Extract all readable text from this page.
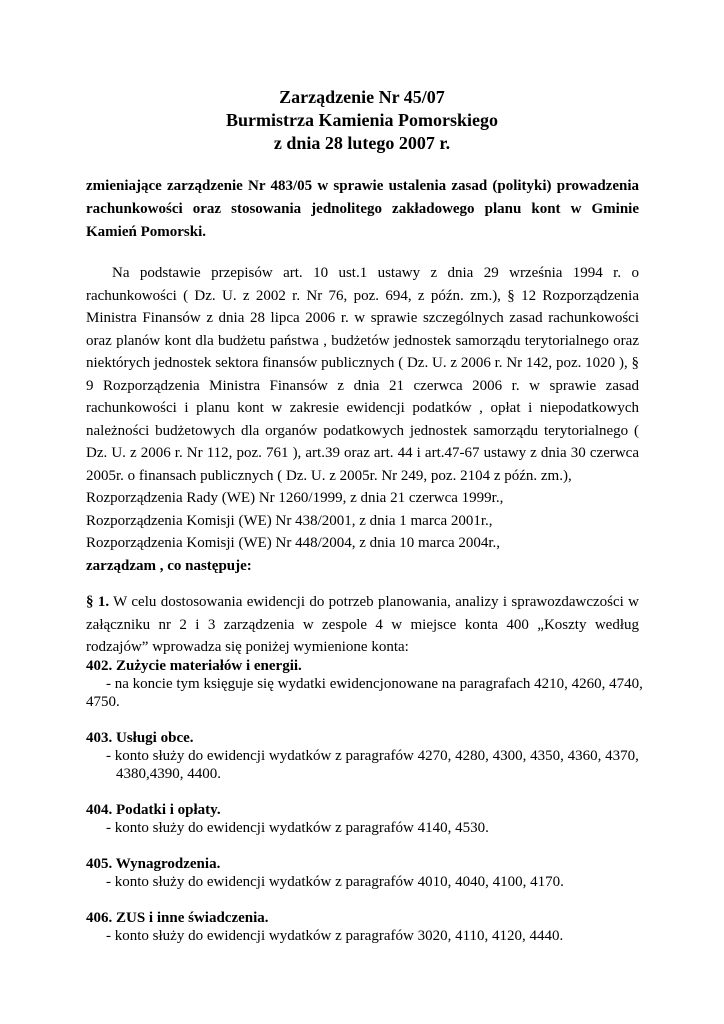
Zarządzenie Nr 45/07
Burmistrza Kamienia Pomorskiego
z dnia 28 lutego 2007 r.
zmieniające zarządzenie Nr 483/05 w sprawie ustalenia zasad (polityki) prowadzenia rachunkowości oraz stosowania jednolitego zakładowego planu kont w Gminie Kamień Pomorski.
Na podstawie przepisów art. 10 ust.1 ustawy z dnia 29 września 1994 r. o rachunkowości ( Dz. U. z 2002 r. Nr 76, poz. 694, z późn. zm.), § 12 Rozporządzenia Ministra Finansów z dnia 28 lipca 2006 r. w sprawie szczególnych zasad rachunkowości oraz planów kont dla budżetu państwa , budżetów jednostek samorządu terytorialnego oraz niektórych jednostek sektora finansów publicznych ( Dz. U. z 2006 r. Nr 142, poz. 1020 ), § 9 Rozporządzenia Ministra Finansów z dnia 21 czerwca 2006 r. w sprawie zasad rachunkowości i planu kont w zakresie ewidencji podatków , opłat i niepodatkowych należności budżetowych dla organów podatkowych jednostek samorządu terytorialnego ( Dz. U. z 2006 r. Nr 112, poz. 761 ), art.39 oraz art. 44 i art.47-67 ustawy z dnia 30 czerwca 2005r. o finansach publicznych ( Dz. U. z 2005r. Nr 249, poz. 2104 z późn. zm.),
Rozporządzenia Rady (WE) Nr 1260/1999, z dnia 21 czerwca 1999r.,
Rozporządzenia Komisji (WE) Nr 438/2001, z dnia 1 marca 2001r.,
Rozporządzenia Komisji (WE) Nr 448/2004, z dnia 10 marca 2004r.,
zarządzam , co następuje:
§ 1. W celu dostosowania ewidencji do potrzeb planowania, analizy i sprawozdawczości w załączniku nr 2 i 3 zarządzenia w zespole 4 w miejsce konta 400 „Koszty według rodzajów” wprowadza się poniżej wymienione konta:
402. Zużycie materiałów i energii.
- na koncie tym księguje się wydatki ewidencjonowane na paragrafach 4210, 4260, 4740,
4750.
403. Usługi obce.
- konto służy do ewidencji wydatków z paragrafów 4270, 4280, 4300, 4350, 4360, 4370,
4380,4390, 4400.
404. Podatki i opłaty.
- konto służy do ewidencji wydatków z paragrafów 4140, 4530.
405. Wynagrodzenia.
- konto służy do ewidencji wydatków z paragrafów 4010, 4040, 4100, 4170.
406. ZUS i inne świadczenia.
- konto służy do ewidencji wydatków z paragrafów 3020, 4110, 4120, 4440.
